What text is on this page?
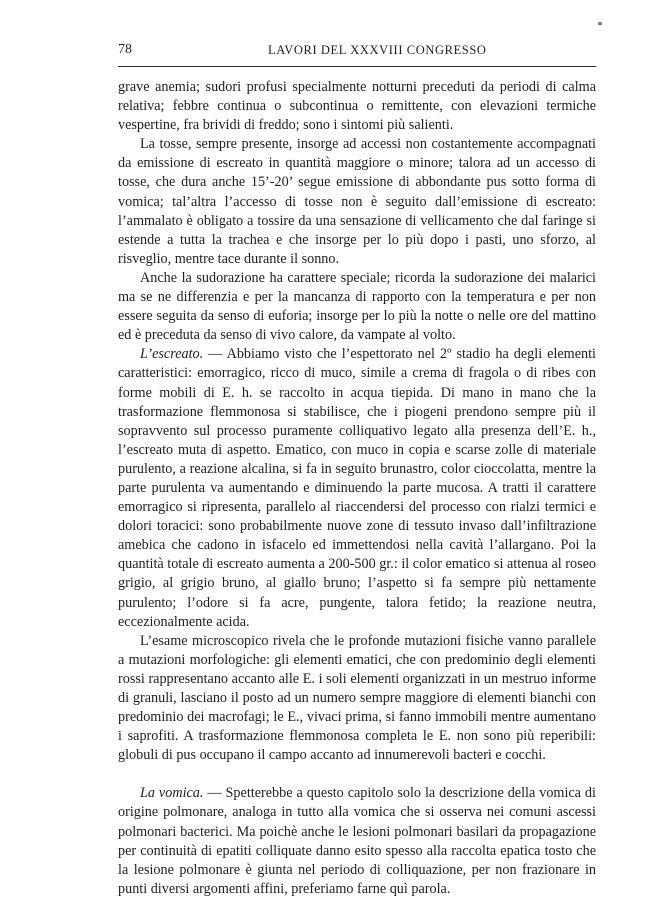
78	LAVORI DEL XXXVIII CONGRESSO

grave anemia; sudori profusi specialmente notturni preceduti da periodi di calma relativa; febbre continua o subcontinua o remittente, con elevazioni termiche vespertine, fra brividi di freddo; sono i sintomi più salienti.

La tosse, sempre presente, insorge ad accessi non costantemente accompagnati da emissione di escreato in quantità maggiore o minore; talora ad un accesso di tosse, che dura anche 15’-20’ segue emissione di abbondante pus sotto forma di vomica; tal’altra l’accesso di tosse non è seguito dall’emissione di escreato: l’ammalato è obligato a tossire da una sensazione di vellicamento che dal faringe si estende a tutta la trachea e che insorge per lo più dopo i pasti, uno sforzo, al risveglio, mentre tace durante il sonno.

Anche la sudorazione ha carattere speciale; ricorda la sudorazione dei malarici ma se ne differenzia e per la mancanza di rapporto con la temperatura e per non essere seguita da senso di euforia; insorge per lo più la notte o nelle ore del mattino ed è preceduta da senso di vivo calore, da vampate al volto.

L’escreato. — Abbiamo visto che l’espettorato nel 2º stadio ha degli elementi caratteristici: emorragico, ricco di muco, simile a crema di fragola o di ribes con forme mobili di E. h. se raccolto in acqua tiepida. Di mano in mano che la trasformazione flemmonosa si stabilisce, che i piogeni prendono sempre più il sopravvento sul processo puramente colliquativo legato alla presenza dell’E. h., l’escreato muta di aspetto. Ematico, con muco in copia e scarse zolle di materiale purulento, a reazione alcalina, si fa in seguito brunastro, color cioccolatta, mentre la parte purulenta va aumentando e diminuendo la parte mucosa. A tratti il carattere emorragico si ripresenta, parallelo al riaccendersi del processo con rialzi termici e dolori toracici: sono probabilmente nuove zone di tessuto invaso dall’infiltrazione amebica che cadono in isfacelo ed immettendosi nella cavità l’allargano. Poi la quantità totale di escreato aumenta a 200-500 gr.: il color ematico si attenua al roseo grigio, al grigio bruno, al giallo bruno; l’aspetto si fa sempre più nettamente purulento; l’odore si fa acre, pungente, talora fetido; la reazione neutra, eccezionalmente acida.

L’esame microscopico rivela che le profonde mutazioni fisiche vanno parallele a mutazioni morfologiche: gli elementi ematici, che con predominio degli elementi rossi rappresentano accanto alle E. i soli elementi organizzati in un mestruo informe di granuli, lasciano il posto ad un numero sempre maggiore di elementi bianchi con predominio dei macrofagi; le E., vivaci prima, si fanno immobili mentre aumentano i saprofiti. A trasformazione flemmonosa completa le E. non sono più reperibili: globuli di pus occupano il campo accanto ad innumerevoli bacteri e cocchi.

La vomica. — Spetterebbe a questo capitolo solo la descrizione della vomica di origine polmonare, analoga in tutto alla vomica che si osserva nei comuni ascessi polmonari bacterici. Ma poichè anche le lesioni polmonari basilari da propagazione per continuità di epatiti colliquate danno esito spesso alla raccolta epatica tosto che la lesione polmonare è giunta nel periodo di colliquazione, per non frazionare in punti diversi argomenti affini, preferiamo farne quì parola.
